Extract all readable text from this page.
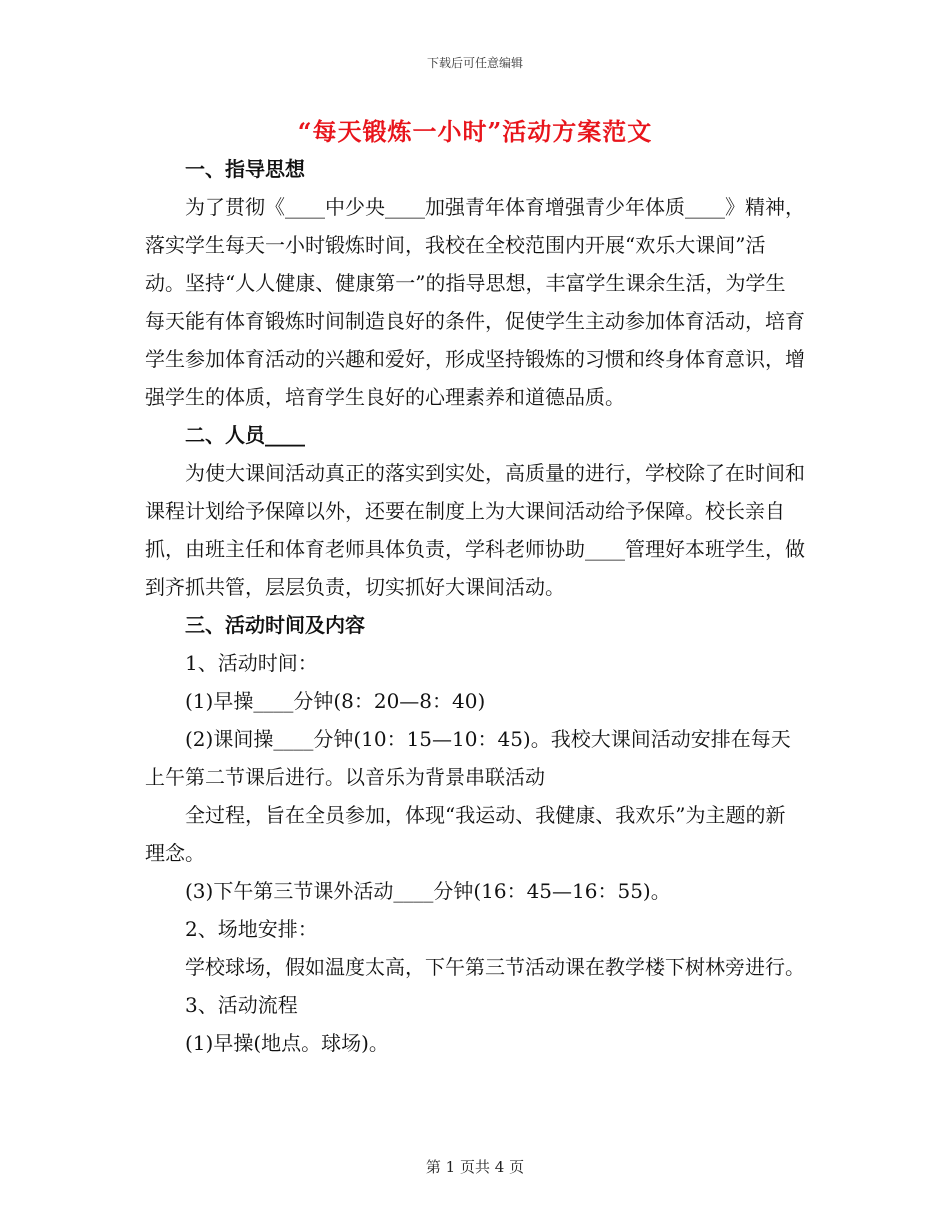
下载后可任意编辑
“每天锻炼一小时”活动方案范文

一、指导思想

为了贯彻《____中少央____加强青年体育增强青少年体质____》精神，落实学生每天一小时锻炼时间，我校在全校范围内开展“欢乐大课间”活动。坚持“人人健康、健康第一”的指导思想，丰富学生课余生活，为学生每天能有体育锻炼时间制造良好的条件，促使学生主动参加体育活动，培育学生参加体育活动的兴趣和爱好，形成坚持锻炼的习惯和终身体育意识，增强学生的体质，培育学生良好的心理素养和道德品质。

二、人员____

为使大课间活动真正的落实到实处，高质量的进行，学校除了在时间和课程计划给予保障以外，还要在制度上为大课间活动给予保障。校长亲自抓，由班主任和体育老师具体负责，学科老师协助____管理好本班学生，做到齐抓共管，层层负责，切实抓好大课间活动。

三、活动时间及内容

1、活动时间：

(1)早操____分钟(8：20—8：40)

(2)课间操____分钟(10：15—10：45)。我校大课间活动安排在每天上午第二节课后进行。以音乐为背景串联活动

全过程，旨在全员参加，体现“我运动、我健康、我欢乐”为主题的新理念。

(3)下午第三节课外活动____分钟(16：45—16：55)。

2、场地安排：

学校球场，假如温度太高，下午第三节活动课在教学楼下树林旁进行。

3、活动流程

(1)早操(地点。球场)。

第 1 页共 4 页
